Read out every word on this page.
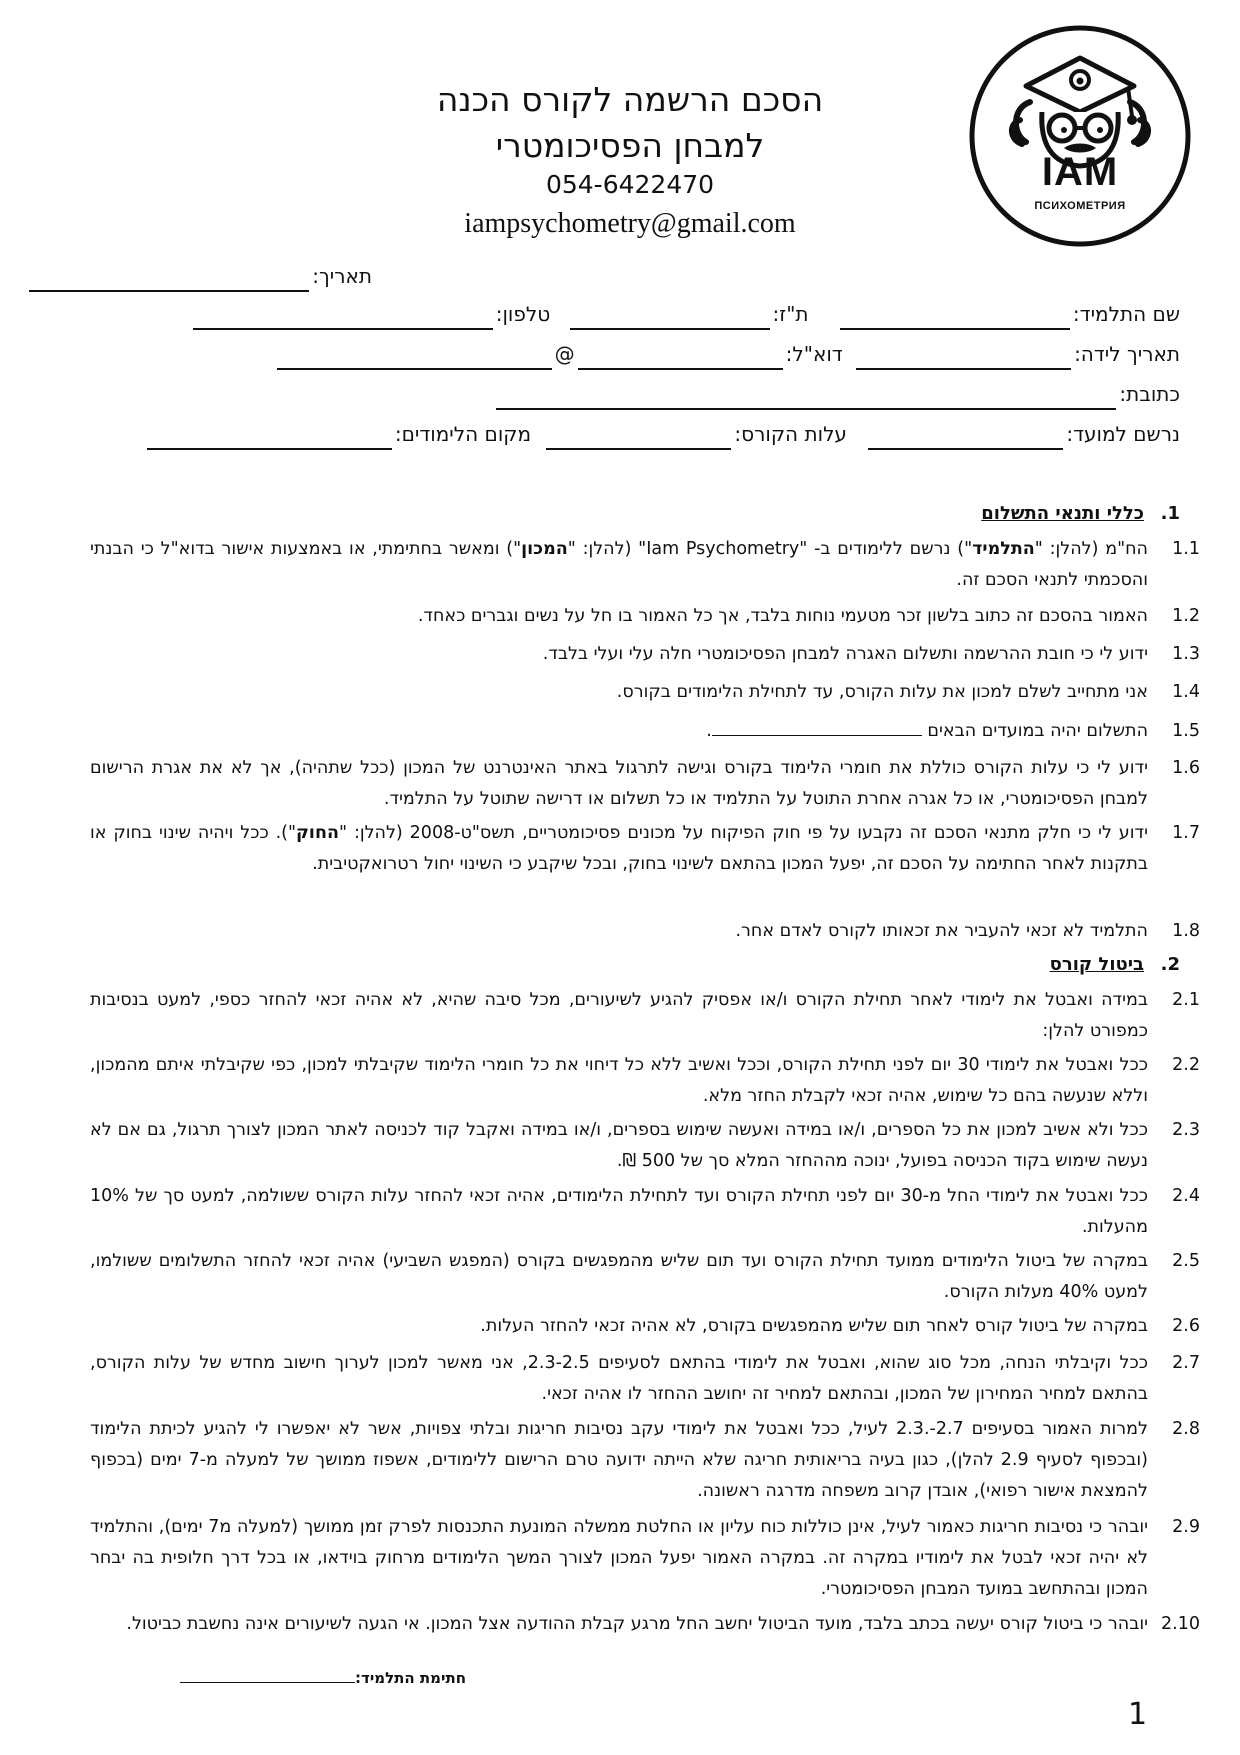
הסכם הרשמה לקורס הכנה
למבחן הפסיכומטרי
054-6422470
iampsychometry@gmail.com
IAM
ПСИХОМЕТРИЯ
תאריך:
שם התלמיד: ת"ז: טלפון:
תאריך לידה: דוא"ל:@
כתובת:
נרשם למועד: עלות הקורס: מקום הלימודים:
1.כללי ותנאי התשלום
1.1
הח"מ (להלן: "התלמיד") נרשם ללימודים ב- "Iam Psychometry" (להלן: "המכון") ומאשר בחתימתי, או באמצעות אישור בדוא"ל כי הבנתי והסכמתי לתנאי הסכם זה.
1.2
האמור בהסכם זה כתוב בלשון זכר מטעמי נוחות בלבד, אך כל האמור בו חל על נשים וגברים כאחד.
1.3
ידוע לי כי חובת ההרשמה ותשלום האגרה למבחן הפסיכומטרי חלה עלי ועלי בלבד.
1.4
אני מתחייב לשלם למכון את עלות הקורס, עד לתחילת הלימודים בקורס.
1.5
התשלום יהיה במועדים הבאים .
1.6
ידוע לי כי עלות הקורס כוללת את חומרי הלימוד בקורס וגישה לתרגול באתר האינטרנט של המכון (ככל שתהיה), אך לא את אגרת הרישום למבחן הפסיכומטרי, או כל אגרה אחרת התוטל על התלמיד או כל תשלום או דרישה שתוטל על התלמיד.
1.7
ידוע לי כי חלק מתנאי הסכם זה נקבעו על פי חוק הפיקוח על מכונים פסיכומטריים, תשס"ט-2008 (להלן: "החוק"). ככל ויהיה שינוי בחוק או בתקנות לאחר החתימה על הסכם זה, יפעל המכון בהתאם לשינוי בחוק, ובכל שיקבע כי השינוי יחול רטרואקטיבית.
1.8
התלמיד לא זכאי להעביר את זכאותו לקורס לאדם אחר.
2.ביטול קורס
2.1
במידה ואבטל את לימודי לאחר תחילת הקורס ו/או אפסיק להגיע לשיעורים, מכל סיבה שהיא, לא אהיה זכאי להחזר כספי, למעט בנסיבות כמפורט להלן:
2.2
ככל ואבטל את לימודי 30 יום לפני תחילת הקורס, וככל ואשיב ללא כל דיחוי את כל חומרי הלימוד שקיבלתי למכון, כפי שקיבלתי איתם מהמכון, וללא שנעשה בהם כל שימוש, אהיה זכאי לקבלת החזר מלא.
2.3
ככל ולא אשיב למכון את כל הספרים, ו/או במידה ואעשה שימוש בספרים, ו/או במידה ואקבל קוד לכניסה לאתר המכון לצורך תרגול, גם אם לא נעשה שימוש בקוד הכניסה בפועל, ינוכה מההחזר המלא סך של 500 ₪.
2.4
ככל ואבטל את לימודי החל מ-30 יום לפני תחילת הקורס ועד לתחילת הלימודים, אהיה זכאי להחזר עלות הקורס ששולמה, למעט סך של 10% מהעלות.
2.5
במקרה של ביטול הלימודים ממועד תחילת הקורס ועד תום שליש מהמפגשים בקורס (המפגש השביעי) אהיה זכאי להחזר התשלומים ששולמו, למעט 40% מעלות הקורס.
2.6
במקרה של ביטול קורס לאחר תום שליש מהמפגשים בקורס, לא אהיה זכאי להחזר העלות.
2.7
ככל וקיבלתי הנחה, מכל סוג שהוא, ואבטל את לימודי בהתאם לסעיפים 2.3-2.5, אני מאשר למכון לערוך חישוב מחדש של עלות הקורס, בהתאם למחיר המחירון של המכון, ובהתאם למחיר זה יחושב ההחזר לו אהיה זכאי.
2.8
למרות האמור בסעיפים 2.7-.2.3 לעיל, ככל ואבטל את לימודי עקב נסיבות חריגות ובלתי צפויות, אשר לא יאפשרו לי להגיע לכיתת הלימוד (ובכפוף לסעיף 2.9 להלן), כגון בעיה בריאותית חריגה שלא הייתה ידועה טרם הרישום ללימודים, אשפוז ממושך של למעלה מ-7 ימים (בכפוף להמצאת אישור רפואי), אובדן קרוב משפחה מדרגה ראשונה.
2.9
יובהר כי נסיבות חריגות כאמור לעיל, אינן כוללות כוח עליון או החלטת ממשלה המונעת התכנסות לפרק זמן ממושך (למעלה מ7 ימים), והתלמיד לא יהיה זכאי לבטל את לימודיו במקרה זה. במקרה האמור יפעל המכון לצורך המשך הלימודים מרחוק בוידאו, או בכל דרך חלופית בה יבחר המכון ובהתחשב במועד המבחן הפסיכומטרי.
2.10
יובהר כי ביטול קורס יעשה בכתב בלבד, מועד הביטול יחשב החל מרגע קבלת ההודעה אצל המכון. אי הגעה לשיעורים אינה נחשבת כביטול.
חתימת התלמיד:
1
